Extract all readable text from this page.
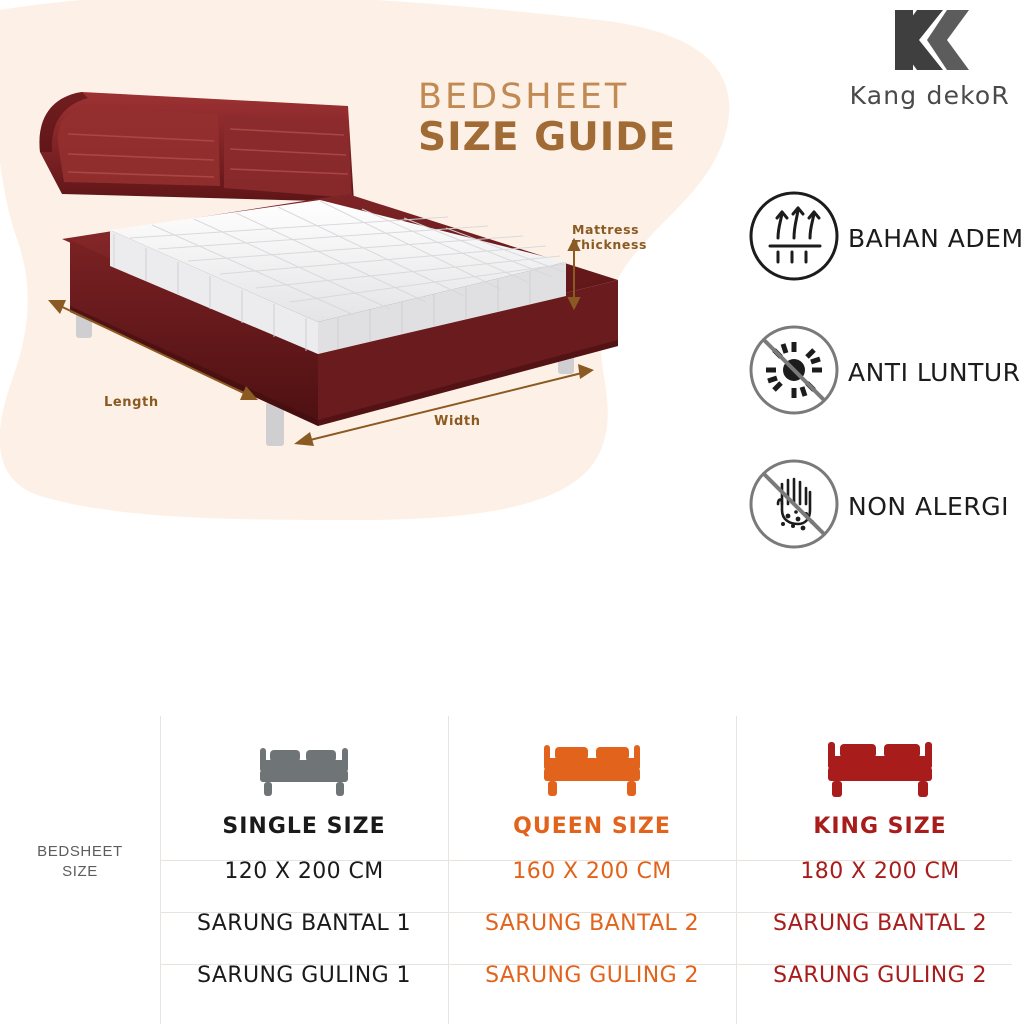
Length
Width
Mattress
Thickness
BEDSHEET
SIZE GUIDE
Kang dekoR
BAHAN ADEM
ANTI LUNTUR
NON ALERGI
BEDSHEET
SIZE
SINGLE SIZE
120 X 200 CM
SARUNG BANTAL 1
SARUNG GULING 1
QUEEN SIZE
160 X 200 CM
SARUNG BANTAL 2
SARUNG GULING 2
KING SIZE
180 X 200 CM
SARUNG BANTAL 2
SARUNG GULING 2
